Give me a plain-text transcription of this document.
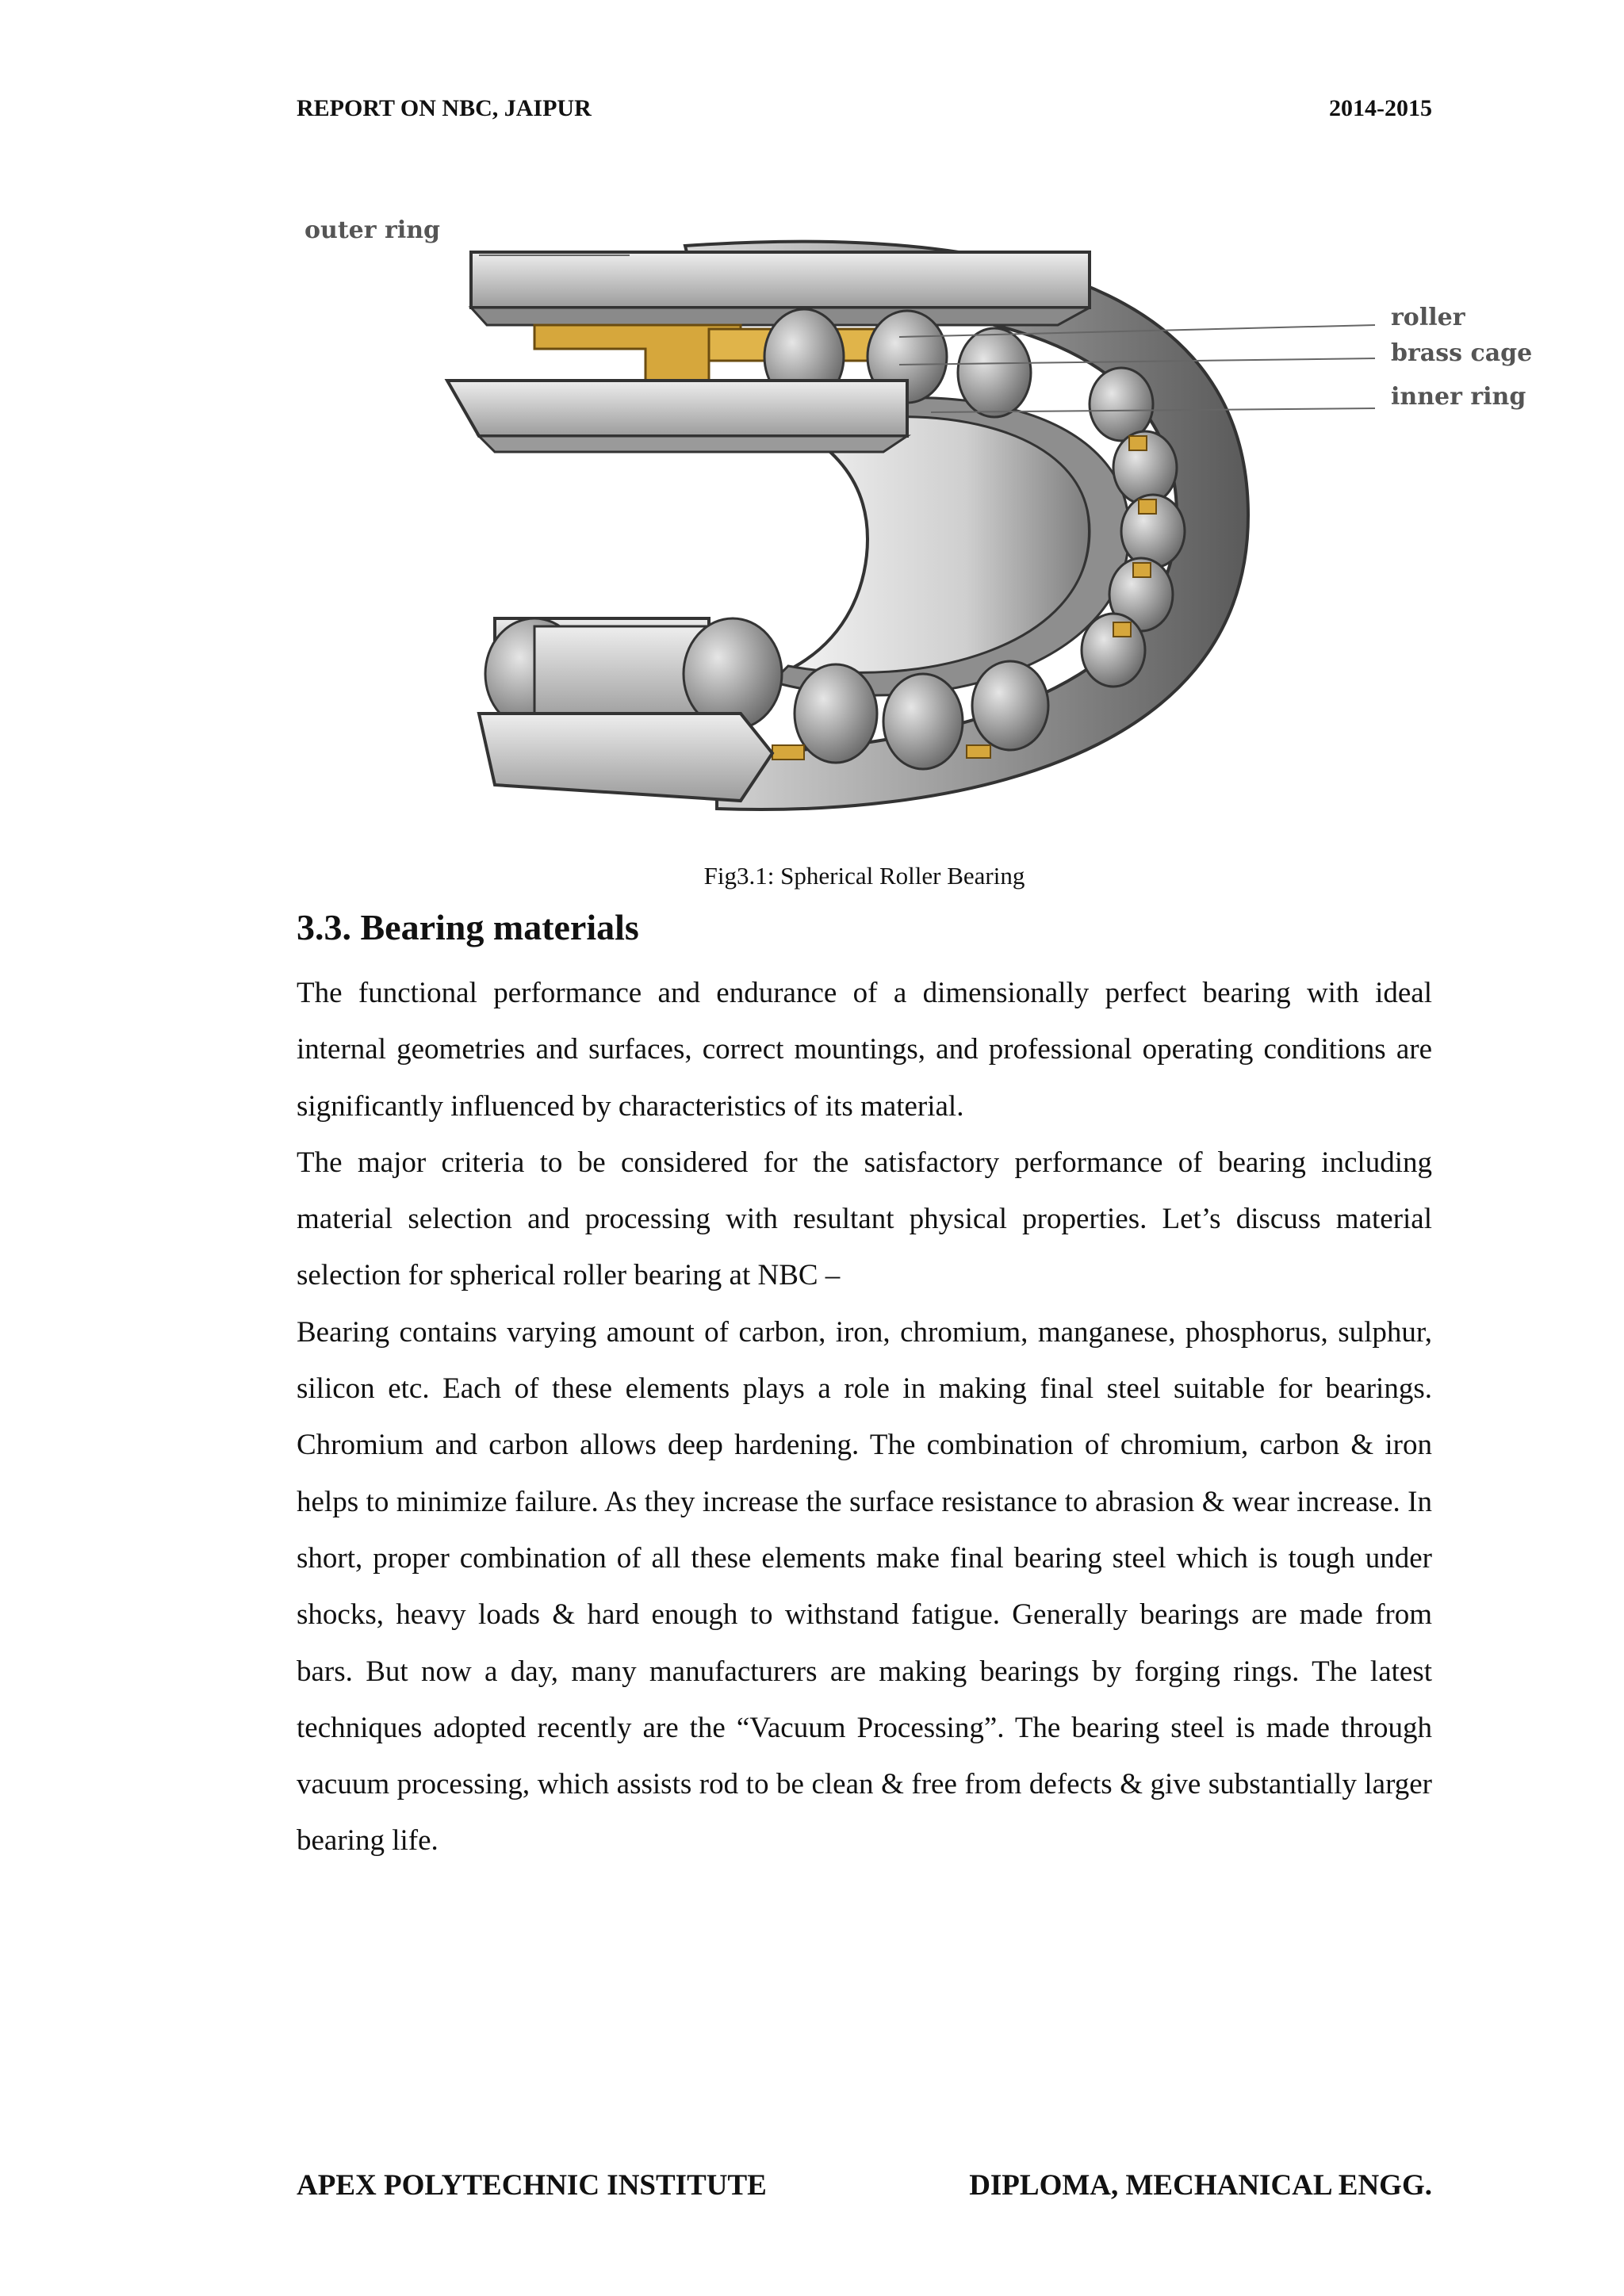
REPORT ON NBC, JAIPUR	2014-2015
outer ring
roller
brass cage
inner ring
Fig3.1: Spherical Roller Bearing
3.3. Bearing materials

The functional performance and endurance of a dimensionally perfect bearing with ideal internal geometries and surfaces, correct mountings, and professional operating conditions are significantly influenced by characteristics of its material.

The major criteria to be considered for the satisfactory performance of bearing including material selection and processing with resultant physical properties. Let’s discuss material selection for spherical roller bearing at NBC –

Bearing contains varying amount of carbon, iron, chromium, manganese, phosphorus, sulphur, silicon etc. Each of these elements plays a role in making final steel suitable for bearings. Chromium and carbon allows deep hardening. The combination of chromium, carbon & iron helps to minimize failure. As they increase the surface resistance to abrasion & wear increase. In short, proper combination of all these elements make final bearing steel which is tough under shocks, heavy loads & hard enough to withstand fatigue. Generally bearings are made from bars. But now a day, many manufacturers are making bearings by forging rings. The latest techniques adopted recently are the “Vacuum Processing”. The bearing steel is made through vacuum processing, which assists rod to be clean & free from defects & give substantially larger bearing life.

APEX POLYTECHNIC INSTITUTE	DIPLOMA, MECHANICAL ENGG.
